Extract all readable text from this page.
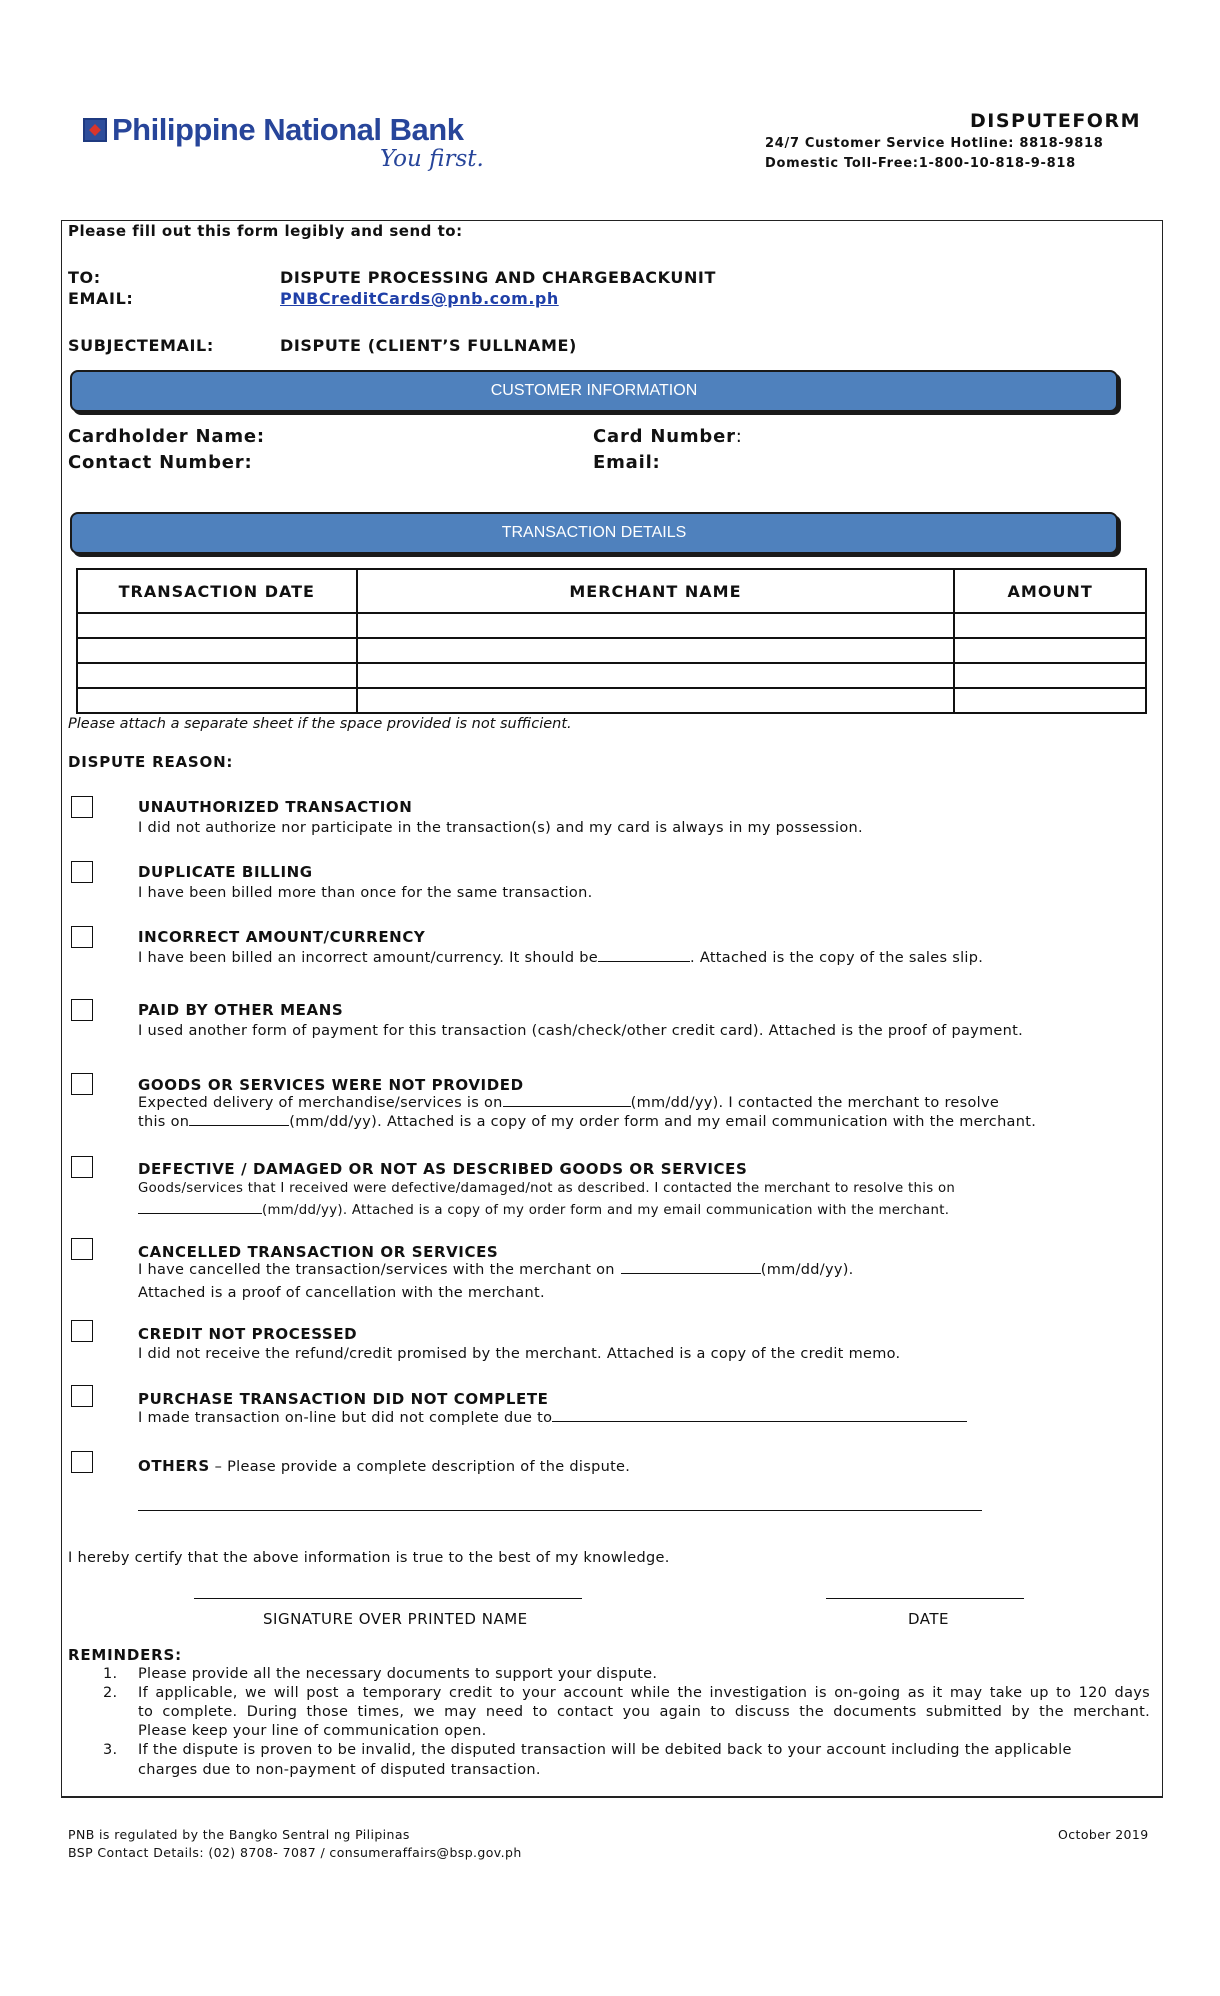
Philippine National Bank
You first.
DISPUTEFORM
24/7 Customer Service Hotline: 8818-9818
Domestic Toll-Free:1-800-10-818-9-818
Please fill out this form legibly and send to:
TO:	DISPUTE PROCESSING AND CHARGEBACKUNIT
EMAIL:	PNBCreditCards@pnb.com.ph
SUBJECTEMAIL:	DISPUTE (CLIENT’S FULLNAME)
CUSTOMER INFORMATION
Cardholder Name:	Card Number:
Contact Number:	Email:
TRANSACTION DETAILS
TRANSACTION DATE	MERCHANT NAME	AMOUNT

Please attach a separate sheet if the space provided is not sufficient.
DISPUTE REASON:
UNAUTHORIZED TRANSACTION
I did not authorize nor participate in the transaction(s) and my card is always in my possession.
DUPLICATE BILLING
I have been billed more than once for the same transaction.
INCORRECT AMOUNT/CURRENCY
I have been billed an incorrect amount/currency. It should be	. Attached is the copy of the sales slip.
PAID BY OTHER MEANS
I used another form of payment for this transaction (cash/check/other credit card). Attached is the proof of payment.
GOODS OR SERVICES WERE NOT PROVIDED
Expected delivery of merchandise/services is on	(mm/dd/yy). I contacted the merchant to resolve
this on	(mm/dd/yy). Attached is a copy of my order form and my email communication with the merchant.
DEFECTIVE / DAMAGED OR NOT AS DESCRIBED GOODS OR SERVICES
Goods/services that I received were defective/damaged/not as described. I contacted the merchant to resolve this on
(mm/dd/yy). Attached is a copy of my order form and my email communication with the merchant.
CANCELLED TRANSACTION OR SERVICES
I have cancelled the transaction/services with the merchant on	(mm/dd/yy).
Attached is a proof of cancellation with the merchant.
CREDIT NOT PROCESSED
I did not receive the refund/credit promised by the merchant. Attached is a copy of the credit memo.
PURCHASE TRANSACTION DID NOT COMPLETE
I made transaction on-line but did not complete due to
OTHERS – Please provide a complete description of the dispute.
I hereby certify that the above information is true to the best of my knowledge.
SIGNATURE OVER PRINTED NAME	DATE
REMINDERS:
1. Please provide all the necessary documents to support your dispute.
2. If applicable, we will post a temporary credit to your account while the investigation is on-going as it may take up to 120 days
to complete. During those times, we may need to contact you again to discuss the documents submitted by the merchant.
Please keep your line of communication open.
3. If the dispute is proven to be invalid, the disputed transaction will be debited back to your account including the applicable
charges due to non-payment of disputed transaction.
PNB is regulated by the Bangko Sentral ng Pilipinas
BSP Contact Details: (02) 8708- 7087 / consumeraffairs@bsp.gov.ph
October 2019
